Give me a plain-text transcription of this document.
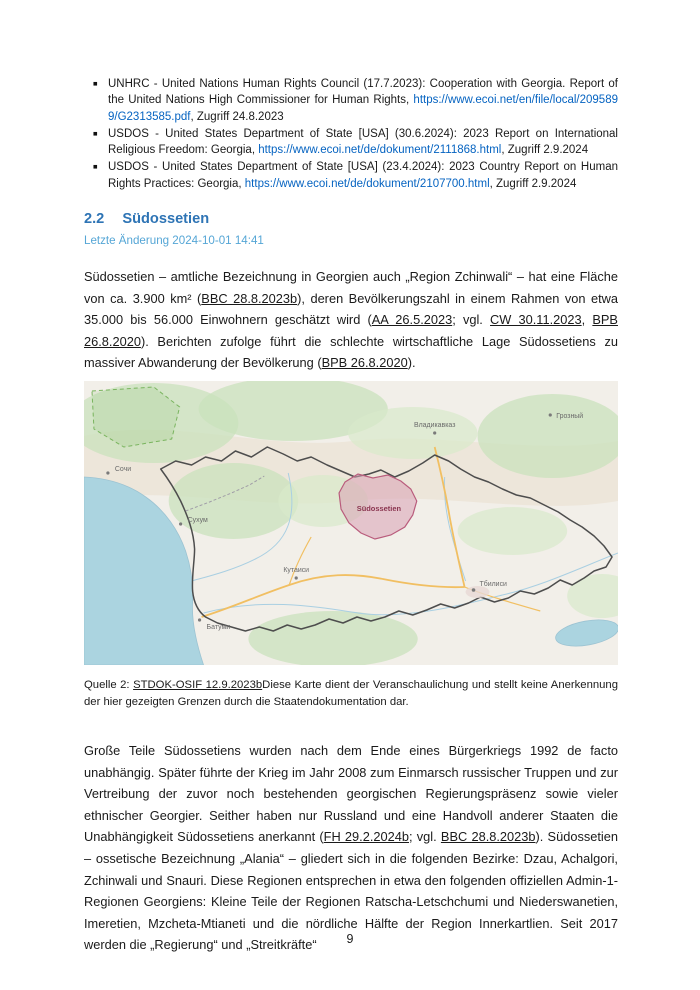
■ UNHRC - United Nations Human Rights Council (17.7.2023): Cooperation with Georgia. Report of the United Nations High Commissioner for Human Rights, https://www.ecoi.net/en/file/local/2095899/G2313585.pdf, Zugriff 24.8.2023
■ USDOS - United States Department of State [USA] (30.6.2024): 2023 Report on International Religious Freedom: Georgia, https://www.ecoi.net/de/dokument/2111868.html, Zugriff 2.9.2024
■ USDOS - United States Department of State [USA] (23.4.2024): 2023 Country Report on Human Rights Practices: Georgia, https://www.ecoi.net/de/dokument/2107700.html, Zugriff 2.9.2024
2.2 Südossetien
Letzte Änderung 2024-10-01 14:41

Südossetien – amtliche Bezeichnung in Georgien auch „Region Zchinwali“ – hat eine Fläche von ca. 3.900 km² (BBC 28.8.2023b), deren Bevölkerungszahl in einem Rahmen von etwa 35.000 bis 56.000 Einwohnern geschätzt wird (AA 26.5.2023; vgl. CW 30.11.2023, BPB 26.8.2020). Berichten zufolge führt die schlechte wirtschaftliche Lage Südossetiens zu massiver Abwanderung der Bevölkerung (BPB 26.8.2020).

Сочи
Сухум
Кутаиси
Батуми
Тбилиси
Владикавказ
Грозный
Südossetien

Quelle 2: STDOK-OSIF 12.9.2023bDiese Karte dient der Veranschaulichung und stellt keine Anerkennung der hier gezeigten Grenzen durch die Staatendokumentation dar.

Große Teile Südossetiens wurden nach dem Ende eines Bürgerkriegs 1992 de facto unabhängig. Später führte der Krieg im Jahr 2008 zum Einmarsch russischer Truppen und zur Vertreibung der zuvor noch bestehenden georgischen Regierungspräsenz sowie vieler ethnischer Georgier. Seither haben nur Russland und eine Handvoll anderer Staaten die Unabhängigkeit Südossetiens anerkannt (FH 29.2.2024b; vgl. BBC 28.8.2023b). Südossetien – ossetische Bezeichnung „Alania“ – gliedert sich in die folgenden Bezirke: Dzau, Achalgori, Zchinwali und Snauri. Diese Regionen entsprechen in etwa den folgenden offiziellen Admin-1-Regionen Georgiens: Kleine Teile der Regionen Ratscha-Letschchumi und Niederswanetien, Imeretien, Mzcheta-Mtianeti und die nördliche Hälfte der Region Innerkartlien. Seit 2017 werden die „Regierung“ und „Streitkräfte“	9
